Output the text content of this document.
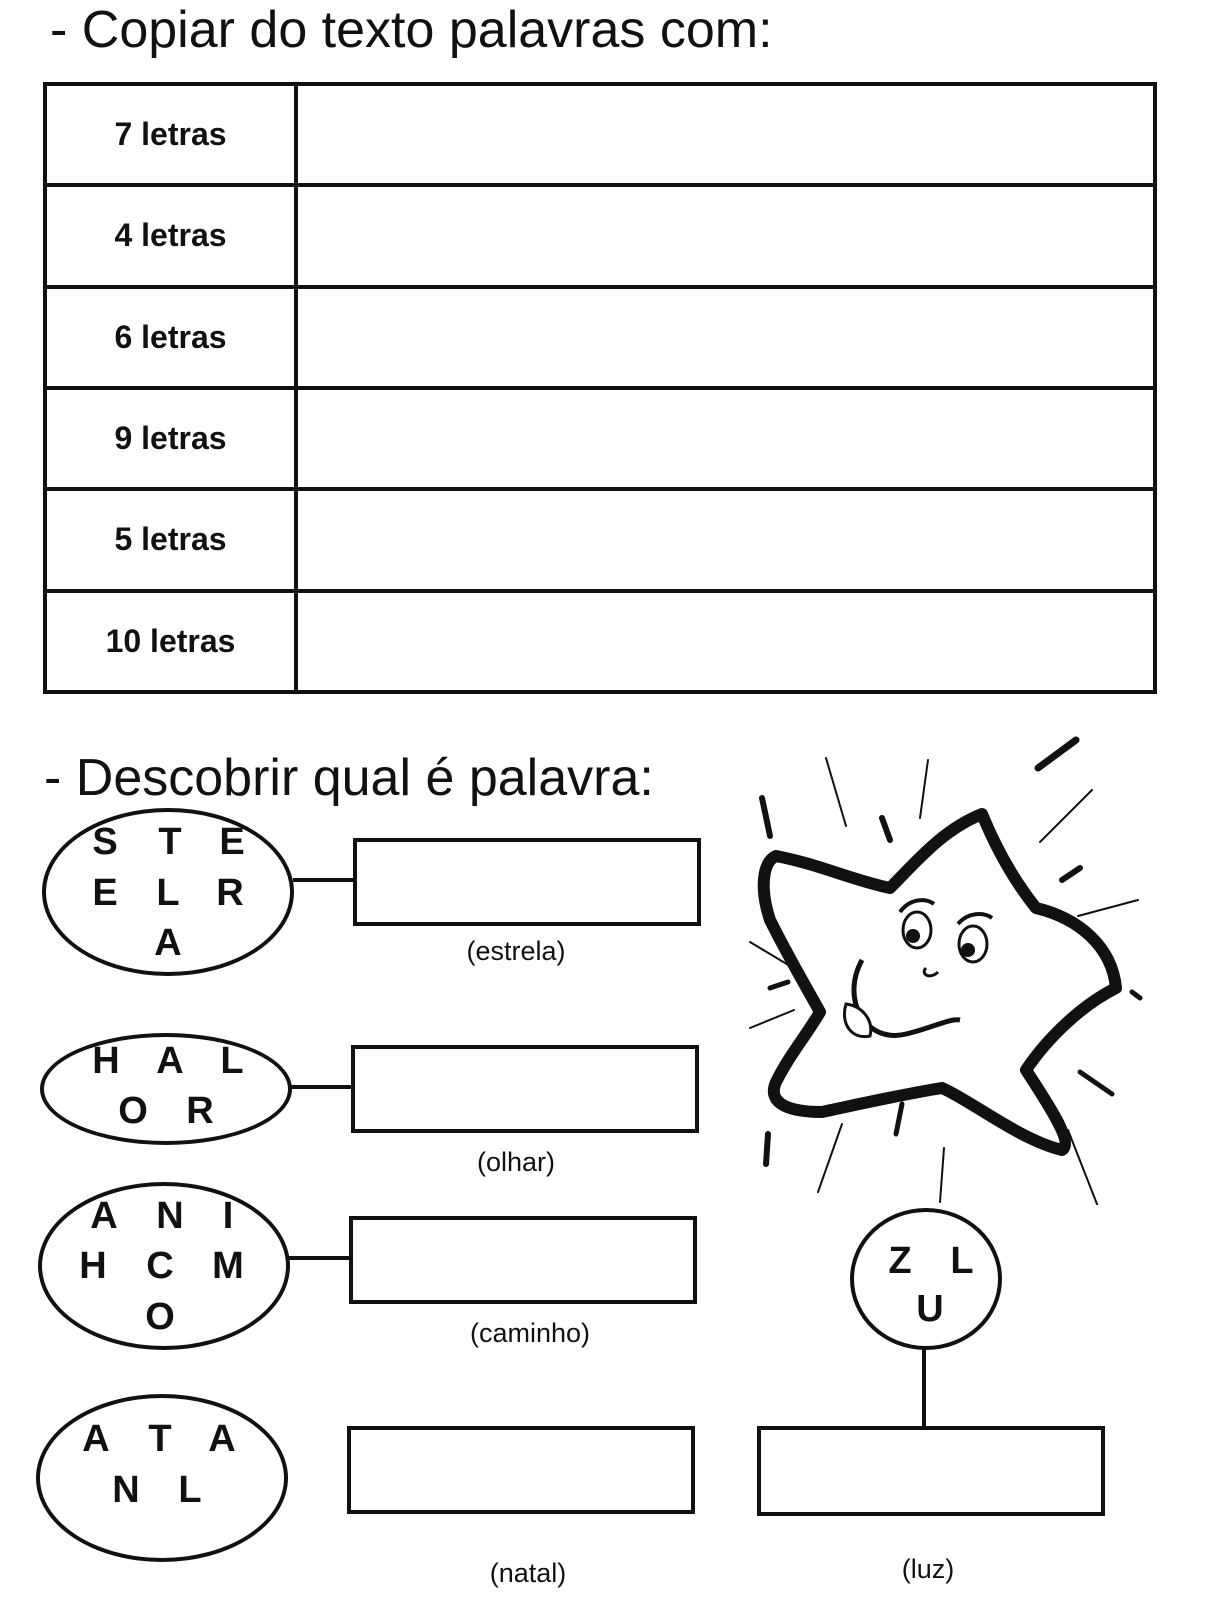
- Copiar do texto palavras com:
7 letras	
4 letras	
6 letras	
9 letras	
5 letras	
10 letras	
- Descobrir qual é palavra:
S T E
E L R
A	(estrela)
H A L
O R
(olhar)
A N I
H C M
O	(caminho)
A T A
N L
(natal)
Z L
U
(luz)
